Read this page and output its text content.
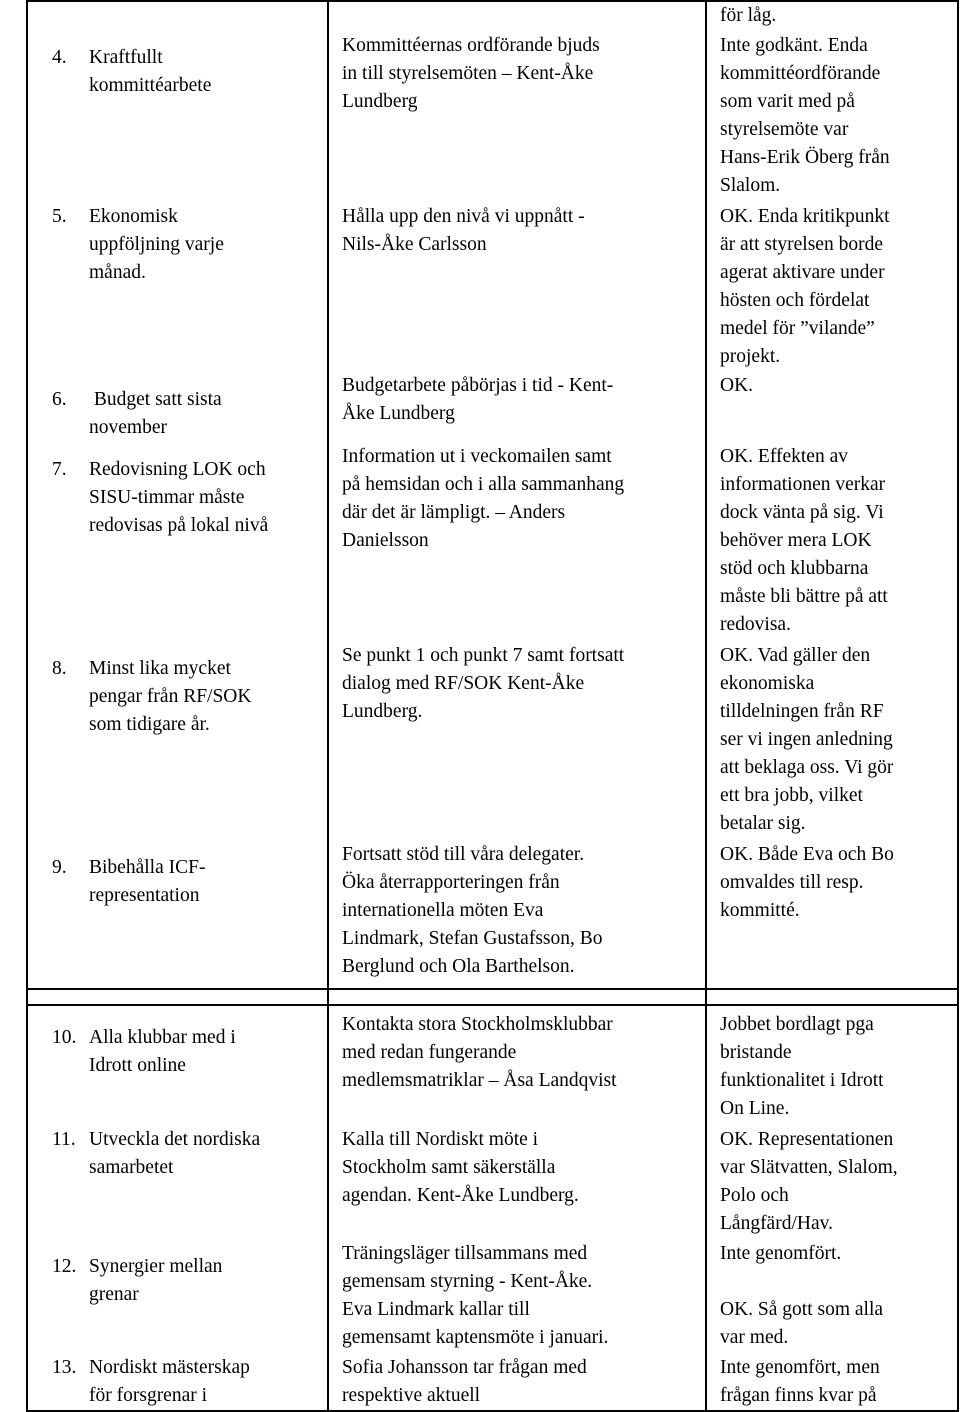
4. Kraftfullt
kommittéarbete
5. Ekonomisk
uppföljning varje
månad.
6. Budget satt sista
november
7. Redovisning LOK och
SISU-timmar måste
redovisas på lokal nivå
8. Minst lika mycket
pengar från RF/SOK
som tidigare år.
9. Bibehålla ICF-
representation
10. Alla klubbar med i
Idrott online
11. Utveckla det nordiska
samarbetet
12. Synergier mellan
grenar
13. Nordiskt mästerskap
för forsgrenar i
Kommittéernas ordförande bjuds
in till styrelsemöten – Kent-Åke
Lundberg
Hålla upp den nivå vi uppnått -
Nils-Åke Carlsson
Budgetarbete påbörjas i tid - Kent-
Åke Lundberg
Information ut i veckomailen samt
på hemsidan och i alla sammanhang
där det är lämpligt. – Anders
Danielsson
Se punkt 1 och punkt 7 samt fortsatt
dialog med RF/SOK Kent-Åke
Lundberg.
Fortsatt stöd till våra delegater.
Öka återrapporteringen från
internationella möten Eva
Lindmark, Stefan Gustafsson, Bo
Berglund och Ola Barthelson.
Kontakta stora Stockholmsklubbar
med redan fungerande
medlemsmatriklar – Åsa Landqvist
Kalla till Nordiskt möte i
Stockholm samt säkerställa
agendan. Kent-Åke Lundberg.
Träningsläger tillsammans med
gemensam styrning - Kent-Åke.
Eva Lindmark kallar till
gemensamt kaptensmöte i januari.
Sofia Johansson tar frågan med
respektive aktuell
för låg.
Inte godkänt. Enda
kommittéordförande
som varit med på
styrelsemöte var
Hans-Erik Öberg från
Slalom.
OK. Enda kritikpunkt
är att styrelsen borde
agerat aktivare under
hösten och fördelat
medel för ”vilande”
projekt.
OK.
OK. Effekten av
informationen verkar
dock vänta på sig. Vi
behöver mera LOK
stöd och klubbarna
måste bli bättre på att
redovisa.
OK. Vad gäller den
ekonomiska
tilldelningen från RF
ser vi ingen anledning
att beklaga oss. Vi gör
ett bra jobb, vilket
betalar sig.
OK. Både Eva och Bo
omvaldes till resp.
kommitté.
Jobbet bordlagt pga
bristande
funktionalitet i Idrott
On Line.
OK. Representationen
var Slätvatten, Slalom,
Polo och
Långfärd/Hav.
Inte genomfört.
OK. Så gott som alla
var med.
Inte genomfört, men
frågan finns kvar på
